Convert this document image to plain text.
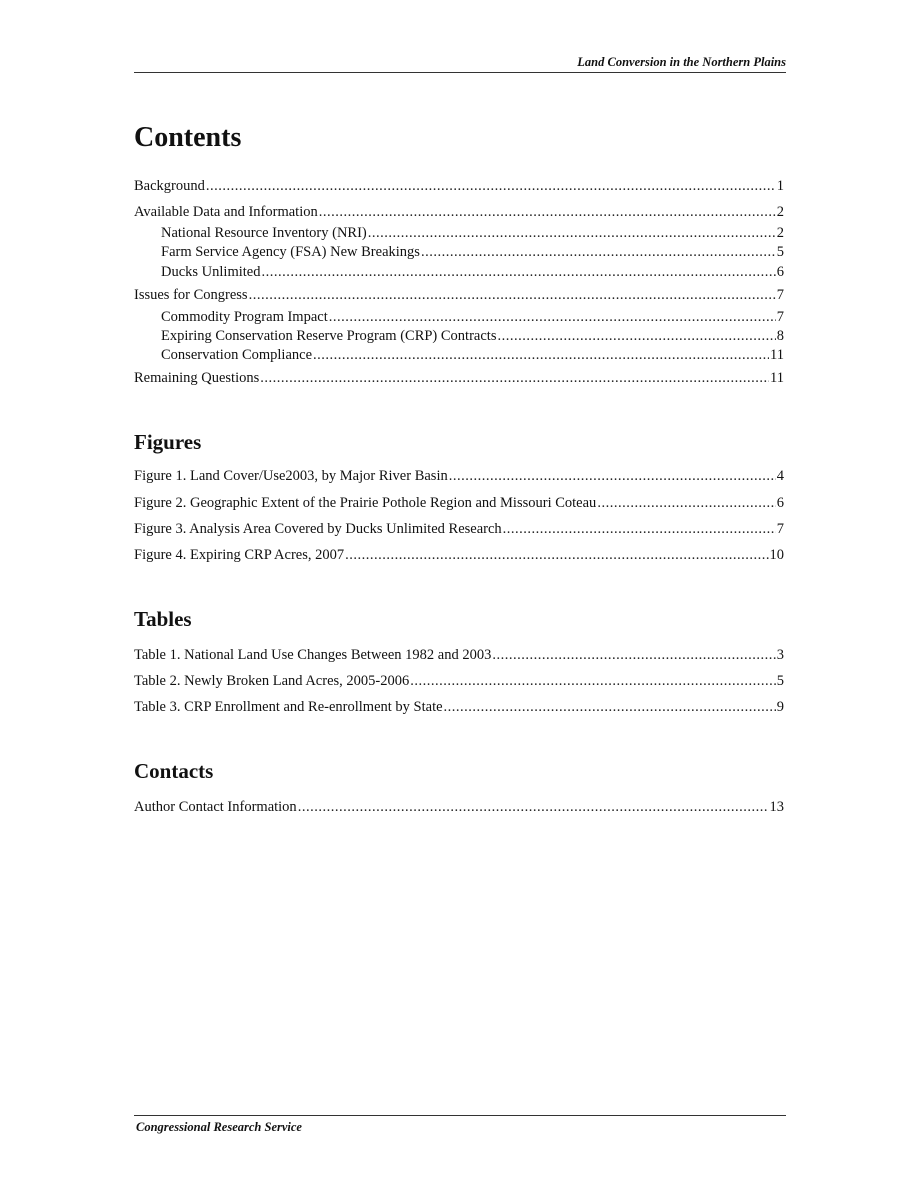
Land Conversion in the Northern Plains
Contents
Background .....	1
Available Data and Information .....	2
National Resource Inventory (NRI) .....	2
Farm Service Agency (FSA) New Breakings .....	5
Ducks Unlimited .....	6
Issues for Congress .....	7
Commodity Program Impact .....	7
Expiring Conservation Reserve Program (CRP) Contracts .....	8
Conservation Compliance .....	11
Remaining Questions .....	11
Figures
Figure 1. Land Cover/Use2003, by Major River Basin .....	4
Figure 2. Geographic Extent of the Prairie Pothole Region and Missouri Coteau .....	6
Figure 3. Analysis Area Covered by Ducks Unlimited Research .....	7
Figure 4. Expiring CRP Acres, 2007 .....	10
Tables
Table 1. National Land Use Changes Between 1982 and 2003 .....	3
Table 2. Newly Broken Land Acres, 2005-2006 .....	5
Table 3. CRP Enrollment and Re-enrollment by State .....	9
Contacts
Author Contact Information .....	13
Congressional Research Service
